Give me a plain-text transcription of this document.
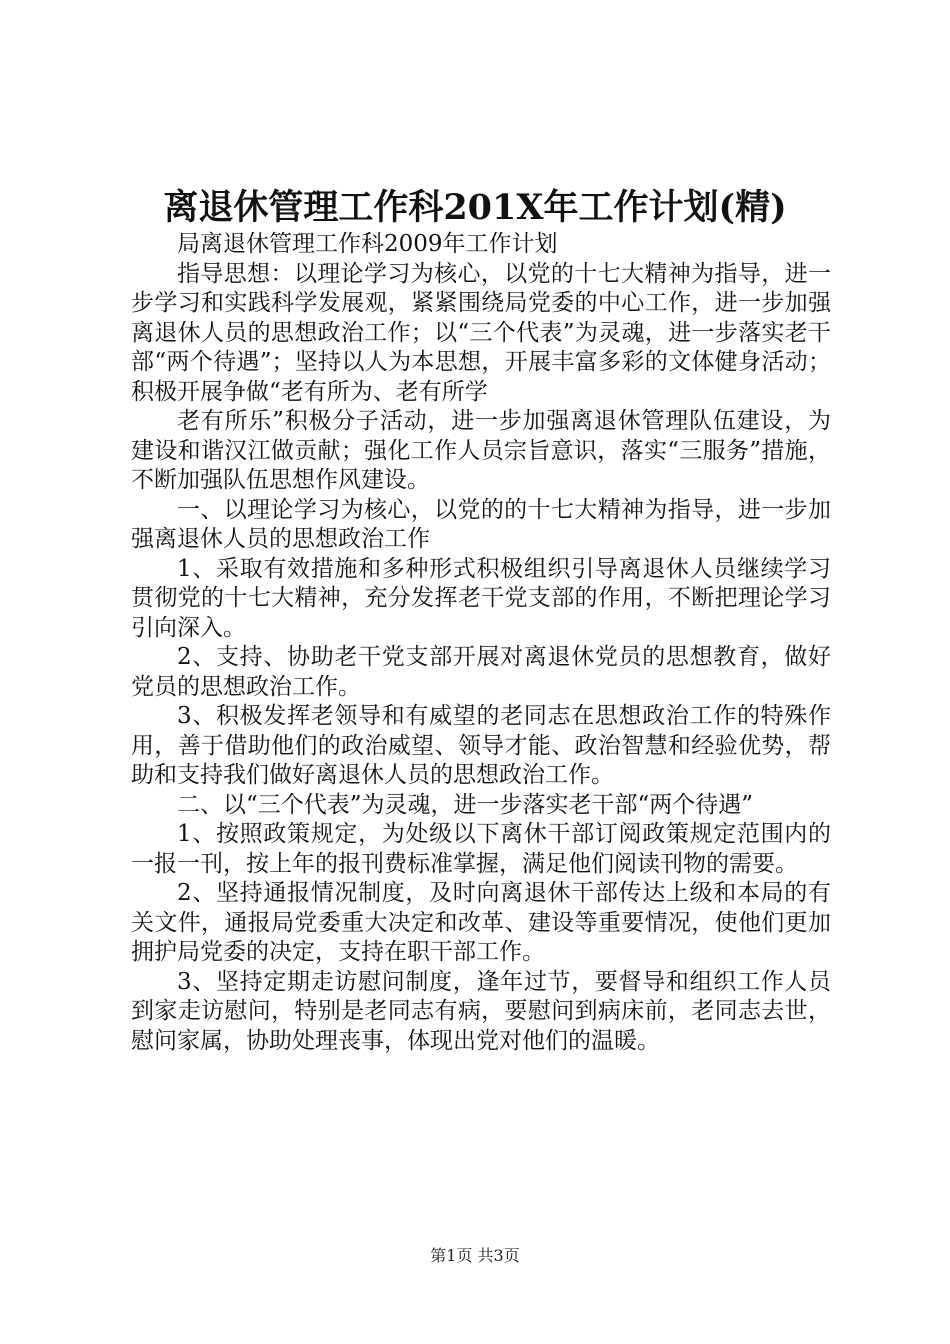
离退休管理工作科201X年工作计划(精)

局离退休管理工作科2009年工作计划

指导思想：以理论学习为核心，以党的十七大精神为指导，进一步学习和实践科学发展观，紧紧围绕局党委的中心工作，进一步加强离退休人员的思想政治工作；以“三个代表”为灵魂，进一步落实老干部“两个待遇”；坚持以人为本思想，开展丰富多彩的文体健身活动；积极开展争做“老有所为、老有所学

老有所乐”积极分子活动，进一步加强离退休管理队伍建设，为建设和谐汉江做贡献；强化工作人员宗旨意识，落实“三服务”措施，不断加强队伍思想作风建设。

一、以理论学习为核心，以党的的十七大精神为指导，进一步加强离退休人员的思想政治工作

1、采取有效措施和多种形式积极组织引导离退休人员继续学习贯彻党的十七大精神，充分发挥老干党支部的作用，不断把理论学习引向深入。

2、支持、协助老干党支部开展对离退休党员的思想教育，做好党员的思想政治工作。

3、积极发挥老领导和有威望的老同志在思想政治工作的特殊作用，善于借助他们的政治威望、领导才能、政治智慧和经验优势，帮助和支持我们做好离退休人员的思想政治工作。

二、以“三个代表”为灵魂，进一步落实老干部“两个待遇”

1、按照政策规定，为处级以下离休干部订阅政策规定范围内的一报一刊，按上年的报刊费标准掌握，满足他们阅读刊物的需要。

2、坚持通报情况制度，及时向离退休干部传达上级和本局的有关文件，通报局党委重大决定和改革、建设等重要情况，使他们更加拥护局党委的决定，支持在职干部工作。

3、坚持定期走访慰问制度，逢年过节，要督导和组织工作人员到家走访慰问，特别是老同志有病，要慰问到病床前，老同志去世，慰问家属，协助处理丧事，体现出党对他们的温暖。

第1页 共3页
